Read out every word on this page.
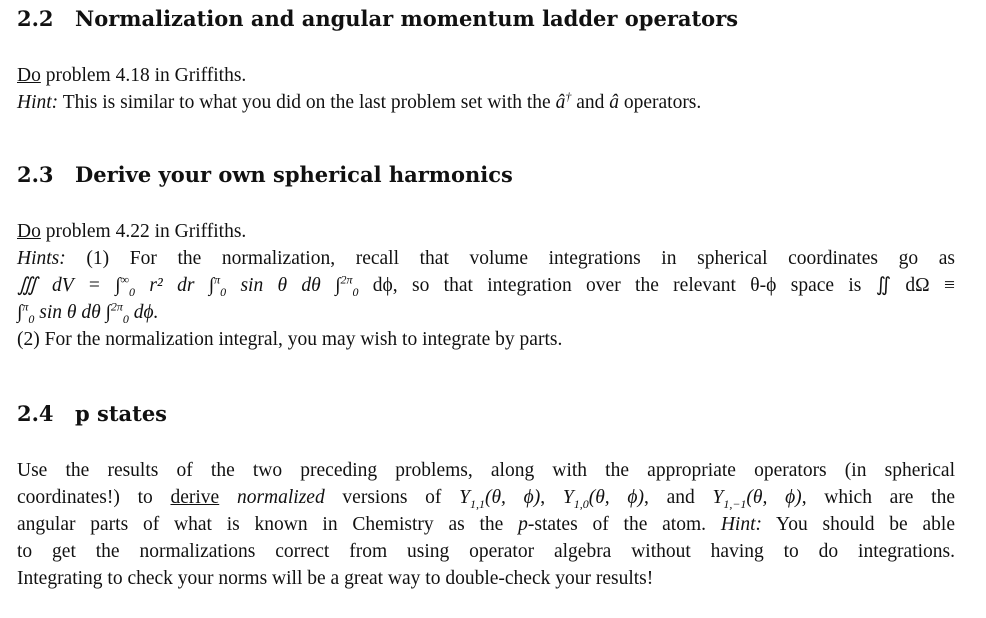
2.2 Normalization and angular momentum ladder operators
Do problem 4.18 in Griffiths.
Hint: This is similar to what you did on the last problem set with the â† and â operators.
2.3 Derive your own spherical harmonics
Do problem 4.22 in Griffiths.
Hints: (1) For the normalization, recall that volume integrations in spherical coordinates go as
∭ dV = $\int^\infty_0$ r² dr ∫$^\pi_0$ sin θ dθ ∫$^{2\pi}_0$ dϕ, so that integration over the relevant θ-ϕ space is ∬ dΩ ≡
∫$^\pi_0$ sin θ dθ ∫$^{2\pi}_0$ dϕ.
(2) For the normalization integral, you may wish to integrate by parts.
2.4 p states
Use the results of the two preceding problems, along with the appropriate operators (in spherical
coordinates!) to derive normalized versions of $Y_{1,1}(\theta$, ϕ), $Y_{1,0}(\theta$, ϕ), and $Y_{1,-1}(\theta$, ϕ), which are the
angular parts of what is known in Chemistry as the p-states of the atom. Hint: You should be able
to get the normalizations correct from using operator algebra without having to do integrations.
Integrating to check your norms will be a great way to double-check your results!
